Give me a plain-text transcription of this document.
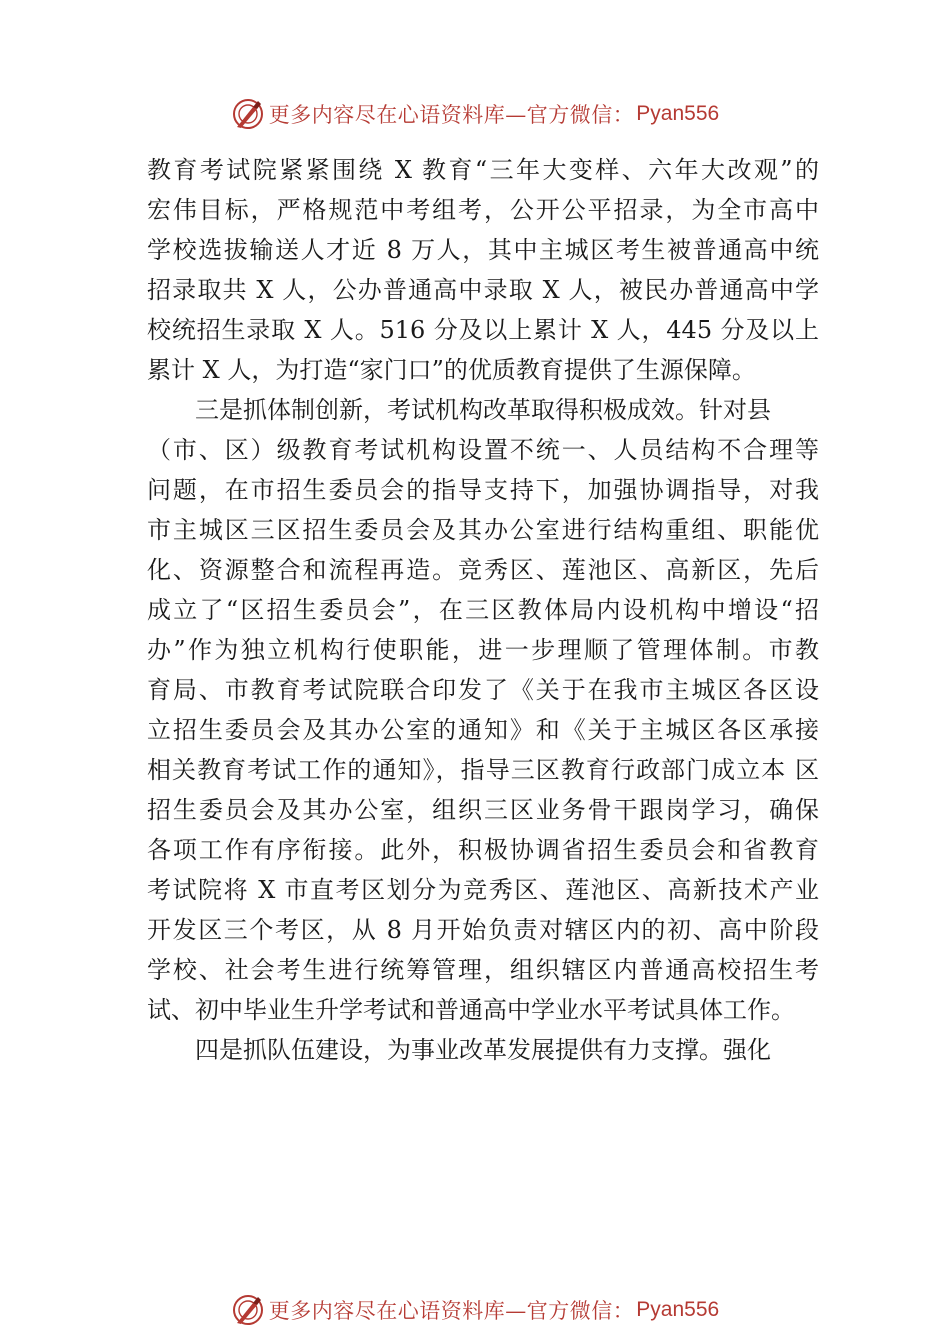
更多内容尽在心语资料库—官方微信： Pyan556
教育考试院紧紧围绕 X 教育“三年大变样、六年大改观”的
宏伟目标，严格规范中考组考，公开公平招录，为全市高中
学校选拔输送人才近 8 万人，其中主城区考生被普通高中统
招录取共 X 人，公办普通高中录取 X 人，被民办普通高中学
校统招生录取 X 人。516 分及以上累计 X 人，445 分及以上
累计 X 人，为打造“家门口”的优质教育提供了生源保障。
三是抓体制创新，考试机构改革取得积极成效。针对县
（市、区）级教育考试机构设置不统一、人员结构不合理等
问题，在市招生委员会的指导支持下，加强协调指导，对我
市主城区三区招生委员会及其办公室进行结构重组、职能优
化、资源整合和流程再造。竞秀区、莲池区、高新区，先后
成立了“区招生委员会”，在三区教体局内设机构中增设“招
办”作为独立机构行使职能，进一步理顺了管理体制。市教
育局、市教育考试院联合印发了《关于在我市主城区各区设
立招生委员会及其办公室的通知》和《关于主城区各区承接
相关教育考试工作的通知》，指导三区教育行政部门成立本 区
招生委员会及其办公室，组织三区业务骨干跟岗学习，确保
各项工作有序衔接。此外，积极协调省招生委员会和省教育
考试院将 X 市直考区划分为竞秀区、莲池区、高新技术产业
开发区三个考区，从 8 月开始负责对辖区内的初、高中阶段
学校、社会考生进行统筹管理，组织辖区内普通高校招生考
试、初中毕业生升学考试和普通高中学业水平考试具体工作。
四是抓队伍建设，为事业改革发展提供有力支撑。强化
更多内容尽在心语资料库—官方微信： Pyan556
